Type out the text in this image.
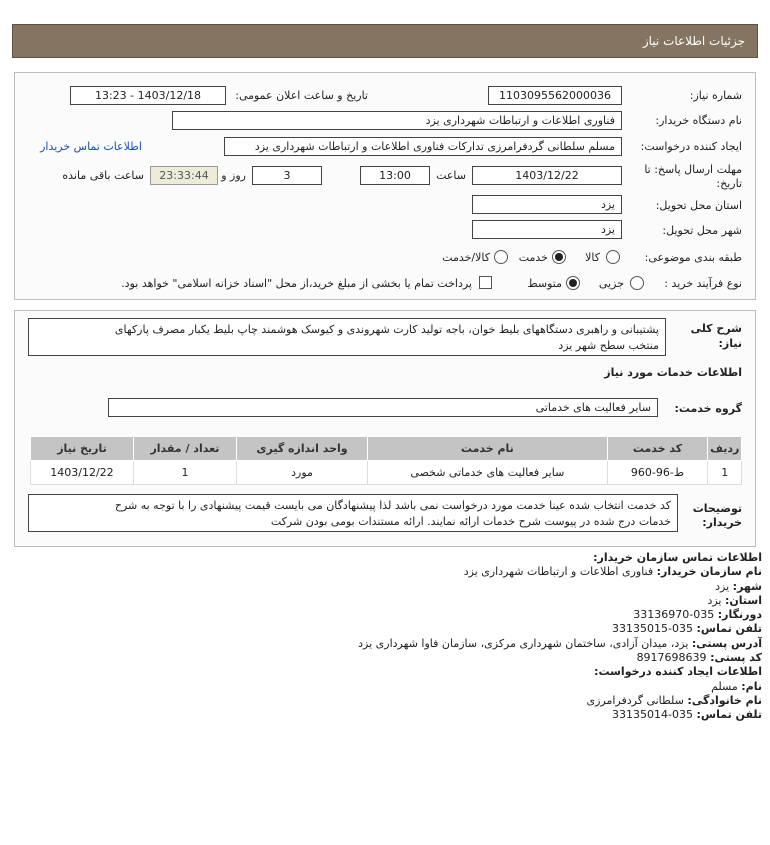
جزئیات اطلاعات نیاز
شماره نیاز:
1103095562000036
تاریخ و ساعت اعلان عمومی:
1403/12/18 - 13:23
نام دستگاه خریدار:
فناوری اطلاعات و ارتباطات شهرداری یزد
ایجاد کننده درخواست:
مسلم سلطانی گردفرامرزی تدارکات فناوری اطلاعات و ارتباطات شهرداری یزد
اطلاعات تماس خریدار
مهلت ارسال پاسخ: تا
تاریخ:
1403/12/22
ساعت
13:00
3
روز و
23:33:44
ساعت باقی مانده
استان محل تحویل:
یزد
شهر محل تحویل:
یزد
طبقه بندی موضوعی:
کالا
خدمت
کالا/خدمت
نوع فرآیند خرید :
جزیی
متوسط
پرداخت تمام یا بخشی از مبلغ خرید،از محل "اسناد خزانه اسلامی" خواهد بود.
شرح کلی
نیاز:
پشتیبانی و راهبری دستگاههای بلیط خوان، باجه تولید کارت شهروندی و کیوسک هوشمند چاپ بلیط یکبار مصرف پارکهای
منتخب سطح شهر یزد
اطلاعات خدمات مورد نیاز
گروه خدمت:
سایر فعالیت های خدماتی
ردیف	کد خدمت	نام خدمت	واحد اندازه گیری	تعداد / مقدار	تاریخ نیاز
1	ط-96-960	سایر فعالیت های خدماتی شخصی	مورد	1	1403/12/22
توضیحات
خریدار:
کد خدمت انتخاب شده عینا خدمت مورد درخواست نمی باشد لذا پیشنهادگان می بایست قیمت پیشنهادی را با توجه به شرح
خدمات درج شده در پیوست شرح خدمات ارائه نمایند. ارائه مستندات بومی بودن شرکت
اطلاعات تماس سازمان خریدار:
نام سازمان خریدار: فناوری اطلاعات و ارتباطات شهرداری یزد
شهر: یزد
استان: یزد
دورنگار: 035-33136970
تلفن تماس: 035-33135015
آدرس پستی: یزد، میدان آزادی، ساختمان شهرداری مرکزی، سازمان فاوا شهرداری یزد
کد پستی: 8917698639
اطلاعات ایجاد کننده درخواست:
نام: مسلم
نام خانوادگی: سلطانی گردفرامرزی
تلفن تماس: 035-33135014
